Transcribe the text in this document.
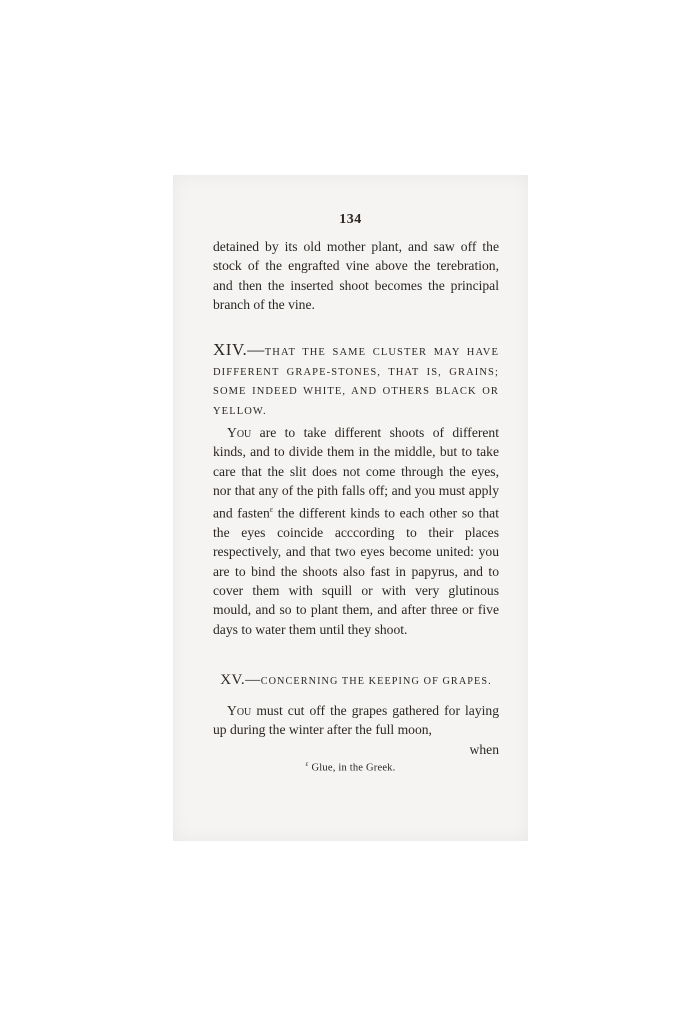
134

detained by its old mother plant, and saw off the stock of the engrafted vine above the terebration, and then the inserted shoot becomes the principal branch of the vine.

XIV.—THAT THE SAME CLUSTER MAY HAVE DIFFERENT GRAPE-STONES, THAT IS, GRAINS; SOME INDEED WHITE, AND OTHERS BLACK OR YELLOW.

You are to take different shoots of different kinds, and to divide them in the middle, but to take care that the slit does not come through the eyes, nor that any of the pith falls off; and you must apply and fasten$^\varepsilon$ the different kinds to each other so that the eyes coincide acccording to their places respectively, and that two eyes become united: you are to bind the shoots also fast in papyrus, and to cover them with squill or with very glutinous mould, and so to plant them, and after three or five days to water them until they shoot.

XV.—CONCERNING THE KEEPING OF GRAPES.

You must cut off the grapes gathered for laying up during the winter after the full moon,

when
$^\varepsilon$ Glue, in the Greek.
